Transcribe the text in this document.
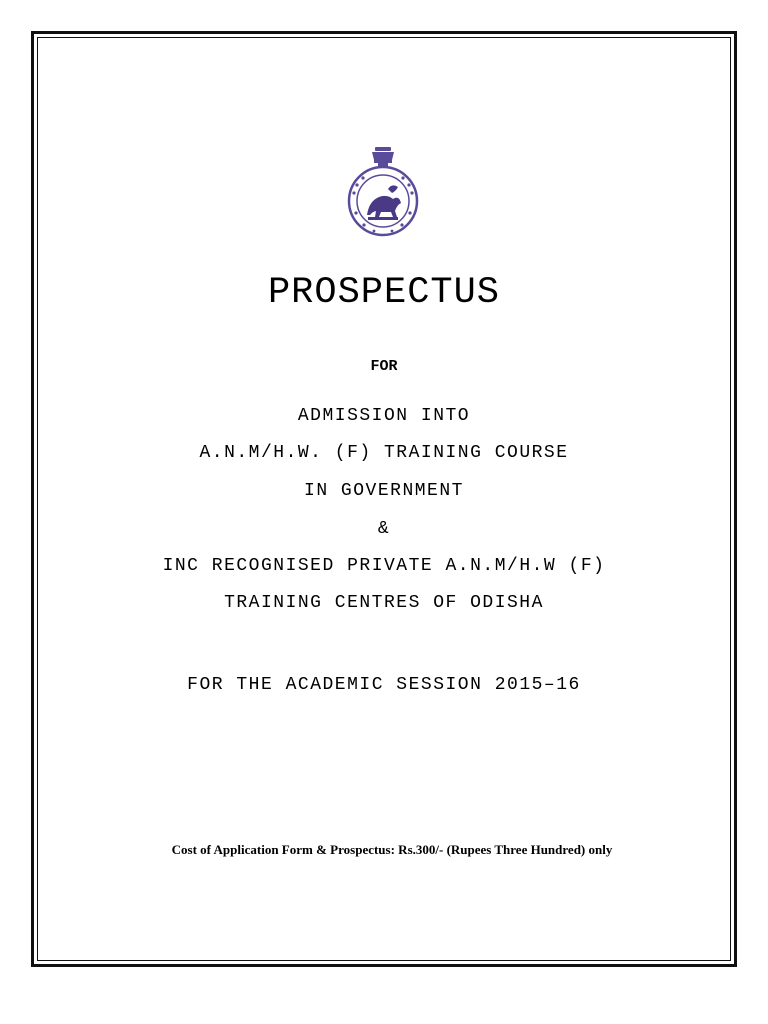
PROSPECTUS
FOR
ADMISSION INTO
A.N.M/H.W. (F) TRAINING COURSE
IN GOVERNMENT
&
INC RECOGNISED PRIVATE A.N.M/H.W (F)
TRAINING CENTRES OF ODISHA
FOR THE ACADEMIC SESSION 2015–16
Cost of Application Form & Prospectus: Rs.300/- (Rupees Three Hundred) only
